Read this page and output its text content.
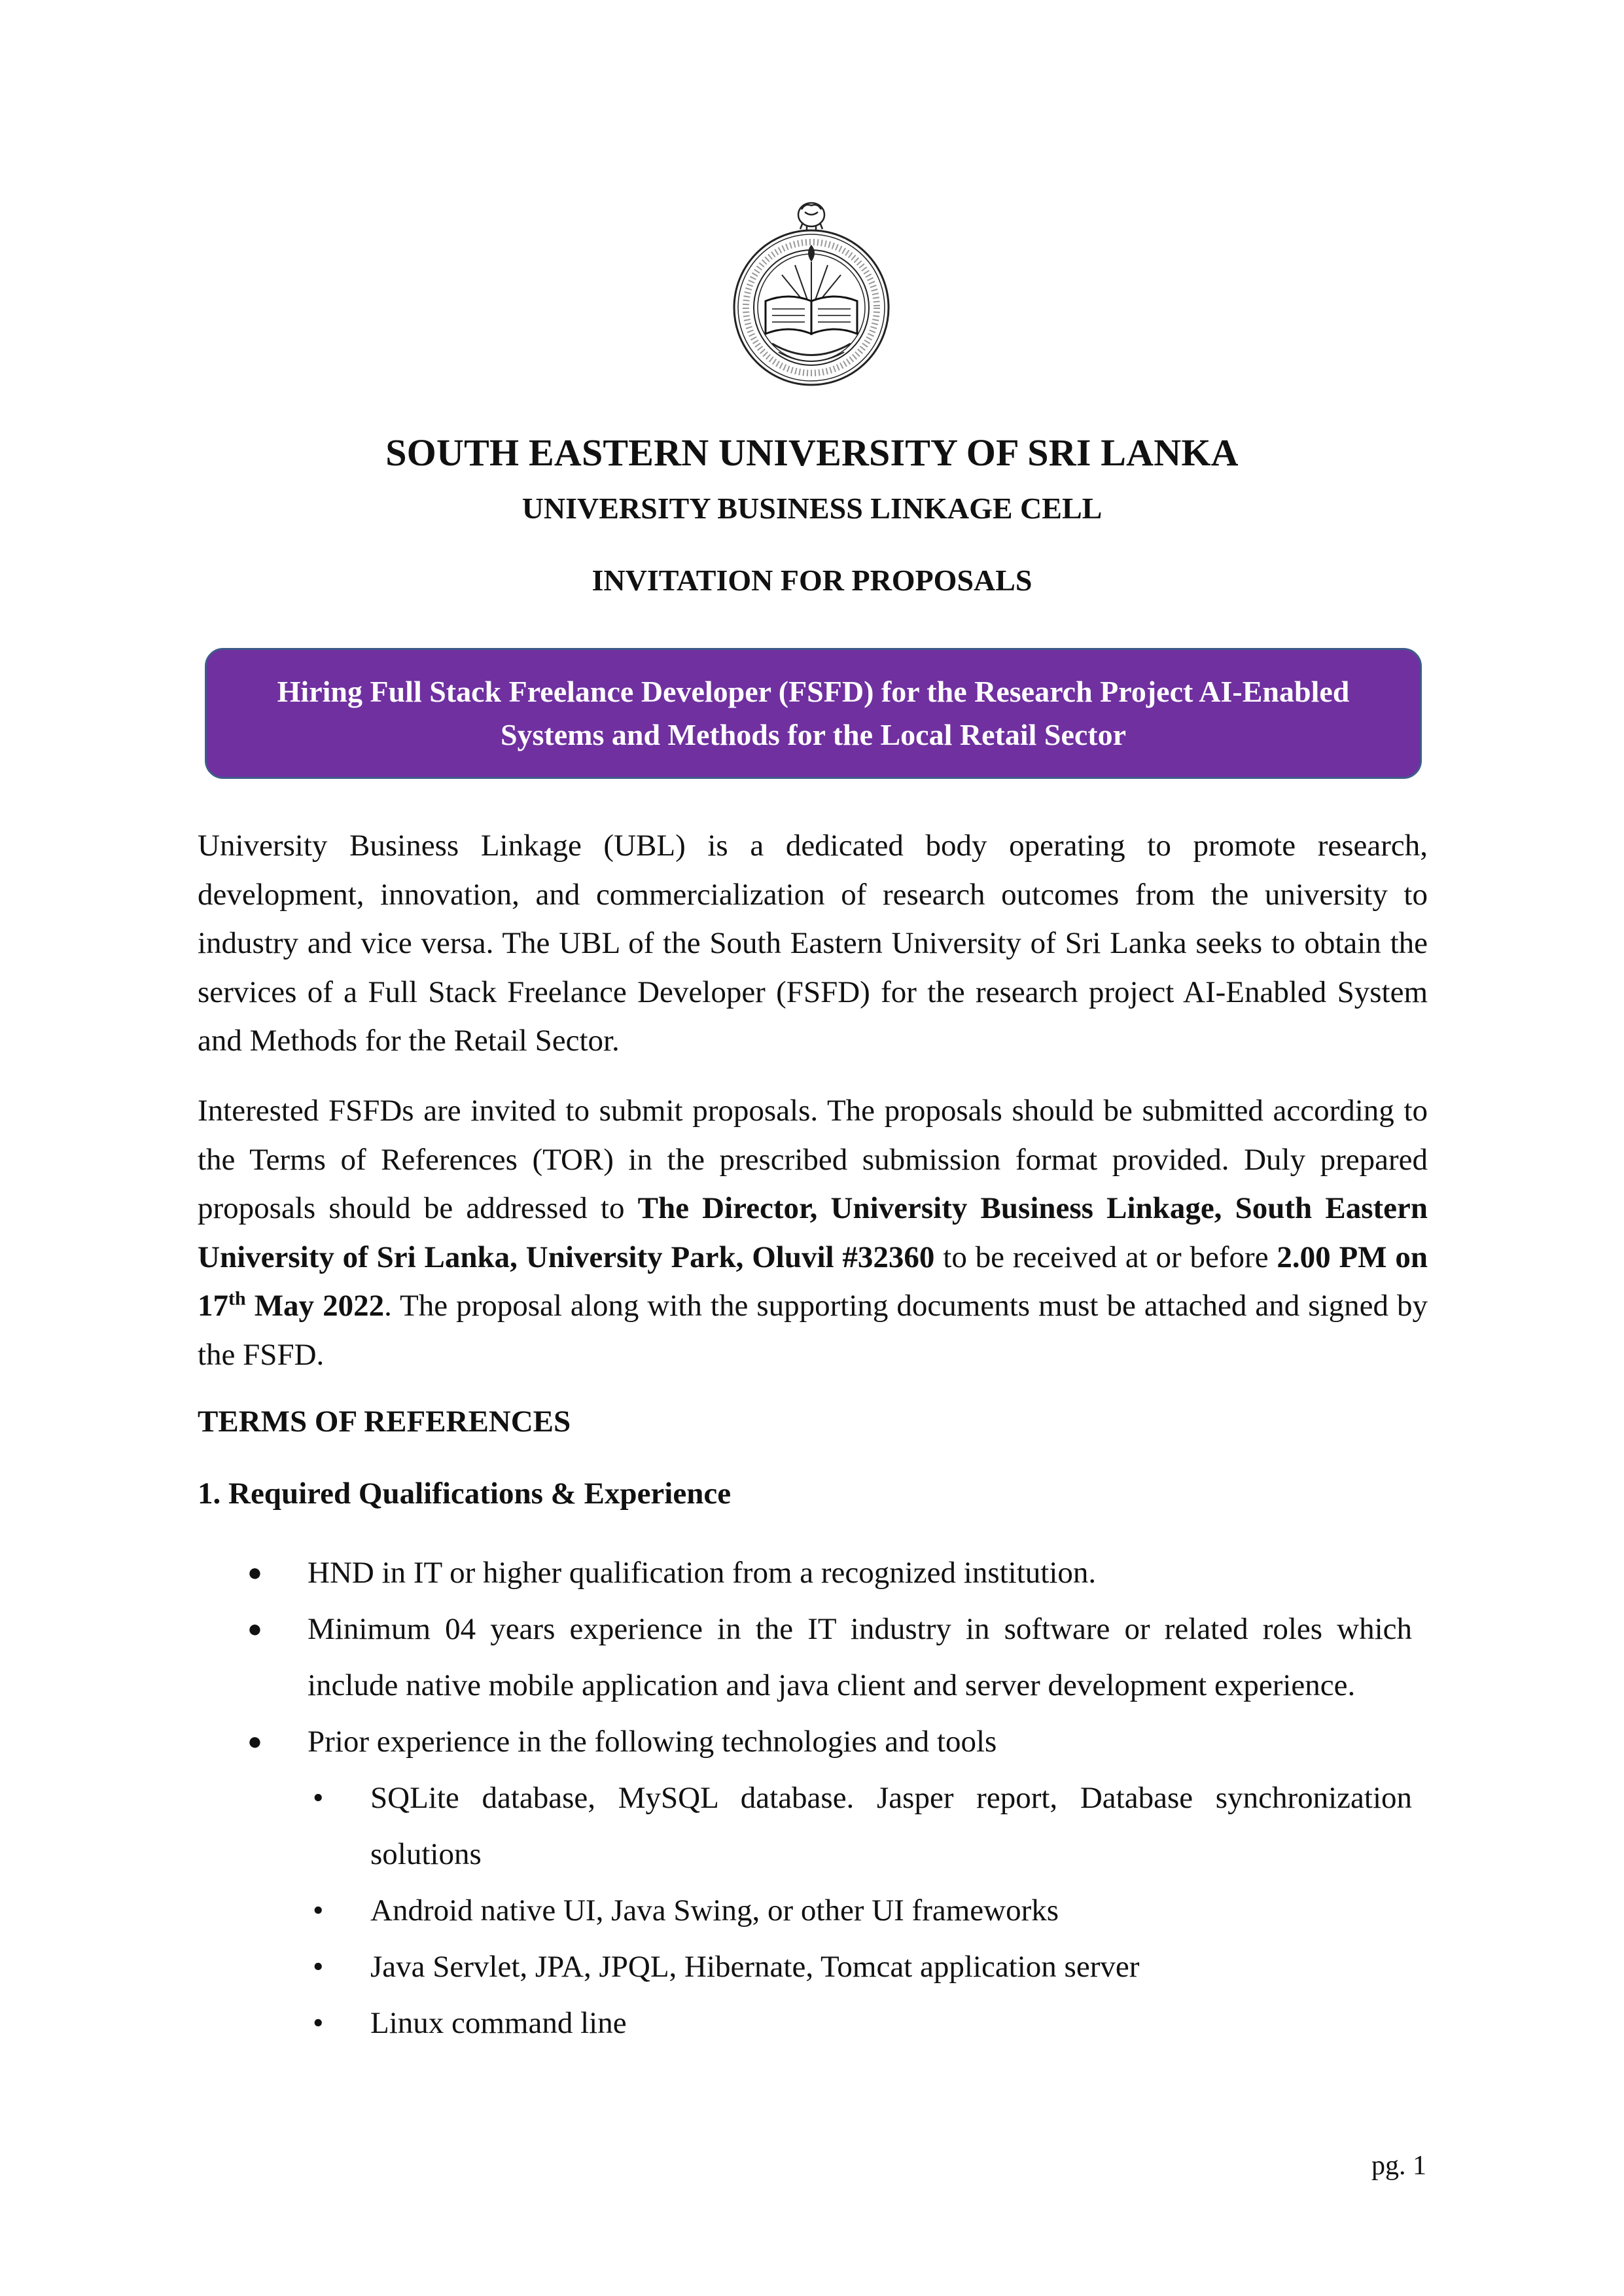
SOUTH EASTERN UNIVERSITY OF SRI LANKA
UNIVERSITY BUSINESS LINKAGE CELL
INVITATION FOR PROPOSALS
Hiring Full Stack Freelance Developer (FSFD) for the Research Project AI-Enabled Systems and Methods for the Local Retail Sector
University Business Linkage (UBL) is a dedicated body operating to promote research, development, innovation, and commercialization of research outcomes from the university to industry and vice versa. The UBL of the South Eastern University of Sri Lanka seeks to obtain the services of a Full Stack Freelance Developer (FSFD) for the research project AI-Enabled System and Methods for the Retail Sector.
Interested FSFDs are invited to submit proposals. The proposals should be submitted according to the Terms of References (TOR) in the prescribed submission format provided. Duly prepared proposals should be addressed to The Director, University Business Linkage, South Eastern University of Sri Lanka, University Park, Oluvil #32360 to be received at or before 2.00 PM on 17th May 2022. The proposal along with the supporting documents must be attached and signed by the FSFD.
TERMS OF REFERENCES
1. Required Qualifications & Experience
● HND in IT or higher qualification from a recognized institution.
● Minimum 04 years experience in the IT industry in software or related roles which include native mobile application and java client and server development experience.
● Prior experience in the following technologies and tools
• SQLite database, MySQL database. Jasper report, Database synchronization solutions
• Android native UI, Java Swing, or other UI frameworks
• Java Servlet, JPA, JPQL, Hibernate, Tomcat application server
• Linux command line
pg. 1
